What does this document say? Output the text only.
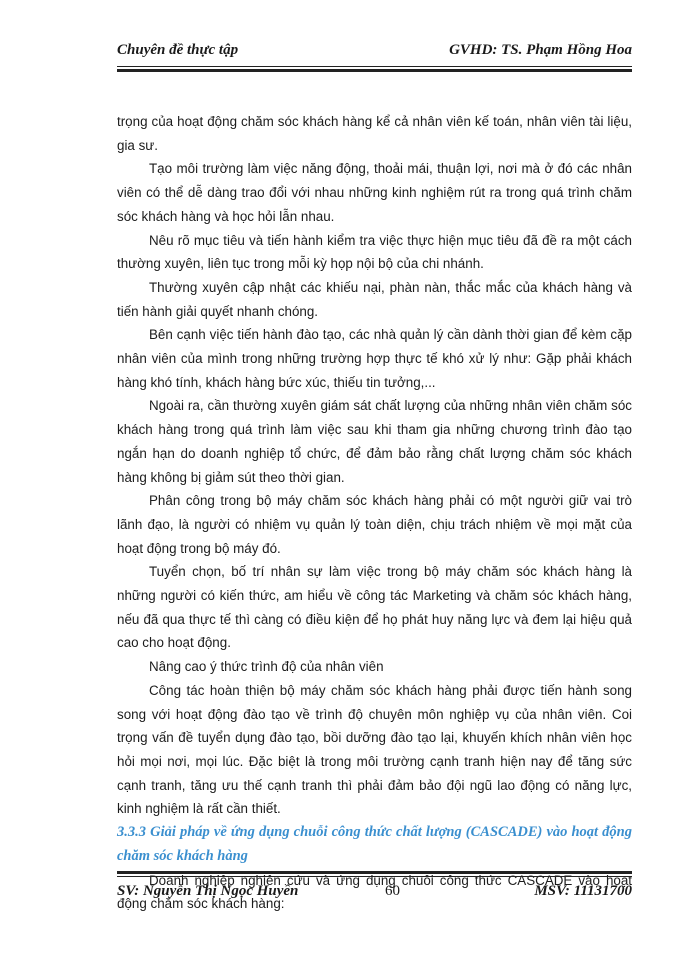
Chuyên đề thực tập	GVHD: TS. Phạm Hồng Hoa

trọng của hoạt động chăm sóc khách hàng kể cả nhân viên kế toán, nhân viên tài liệu, gia sư.

Tạo môi trường làm việc năng động, thoải mái, thuận lợi, nơi mà ở đó các nhân viên có thể dễ dàng trao đổi với nhau những kinh nghiệm rút ra trong quá trình chăm sóc khách hàng và học hỏi lẫn nhau.

Nêu rõ mục tiêu và tiến hành kiểm tra việc thực hiện mục tiêu đã đề ra một cách thường xuyên, liên tục trong mỗi kỳ họp nội bộ của chi nhánh.

Thường xuyên cập nhật các khiếu nại, phàn nàn, thắc mắc của khách hàng và tiến hành giải quyết nhanh chóng.

Bên cạnh việc tiến hành đào tạo, các nhà quản lý cần dành thời gian để kèm cặp nhân viên của mình trong những trường hợp thực tế khó xử lý như: Gặp phải khách hàng khó tính, khách hàng bức xúc, thiếu tin tưởng,...

Ngoài ra, cần thường xuyên giám sát chất lượng của những nhân viên chăm sóc khách hàng trong quá trình làm việc sau khi tham gia những chương trình đào tạo ngắn hạn do doanh nghiệp tổ chức, để đảm bảo rằng chất lượng chăm sóc khách hàng không bị giảm sút theo thời gian.

Phân công trong bộ máy chăm sóc khách hàng phải có một người giữ vai trò lãnh đạo, là người có nhiệm vụ quản lý toàn diện, chịu trách nhiệm về mọi mặt của hoạt động trong bộ máy đó.

Tuyển chọn, bố trí nhân sự làm việc trong bộ máy chăm sóc khách hàng là những người có kiến thức, am hiểu về công tác Marketing và chăm sóc khách hàng, nếu đã qua thực tế thì càng có điều kiện để họ phát huy năng lực và đem lại hiệu quả cao cho hoạt động.

Nâng cao ý thức trình độ của nhân viên

Công tác hoàn thiện bộ máy chăm sóc khách hàng phải được tiến hành song song với hoạt động đào tạo về trình độ chuyên môn nghiệp vụ của nhân viên. Coi trọng vấn đề tuyển dụng đào tạo, bồi dưỡng đào tạo lại, khuyến khích nhân viên học hỏi mọi nơi, mọi lúc. Đặc biệt là trong môi trường cạnh tranh hiện nay để tăng sức cạnh tranh, tăng ưu thế cạnh tranh thì phải đảm bảo đội ngũ lao động có năng lực, kinh nghiệm là rất cần thiết.

3.3.3 Giải pháp về ứng dụng chuỗi công thức chất lượng (CASCADE) vào hoạt động chăm sóc khách hàng

Doanh nghiệp nghiên cứu và ứng dụng chuỗi công thức CASCADE vào hoạt động chăm sóc khách hàng:

SV: Nguyễn Thị Ngọc Huyền	60	MSV: 11131700
